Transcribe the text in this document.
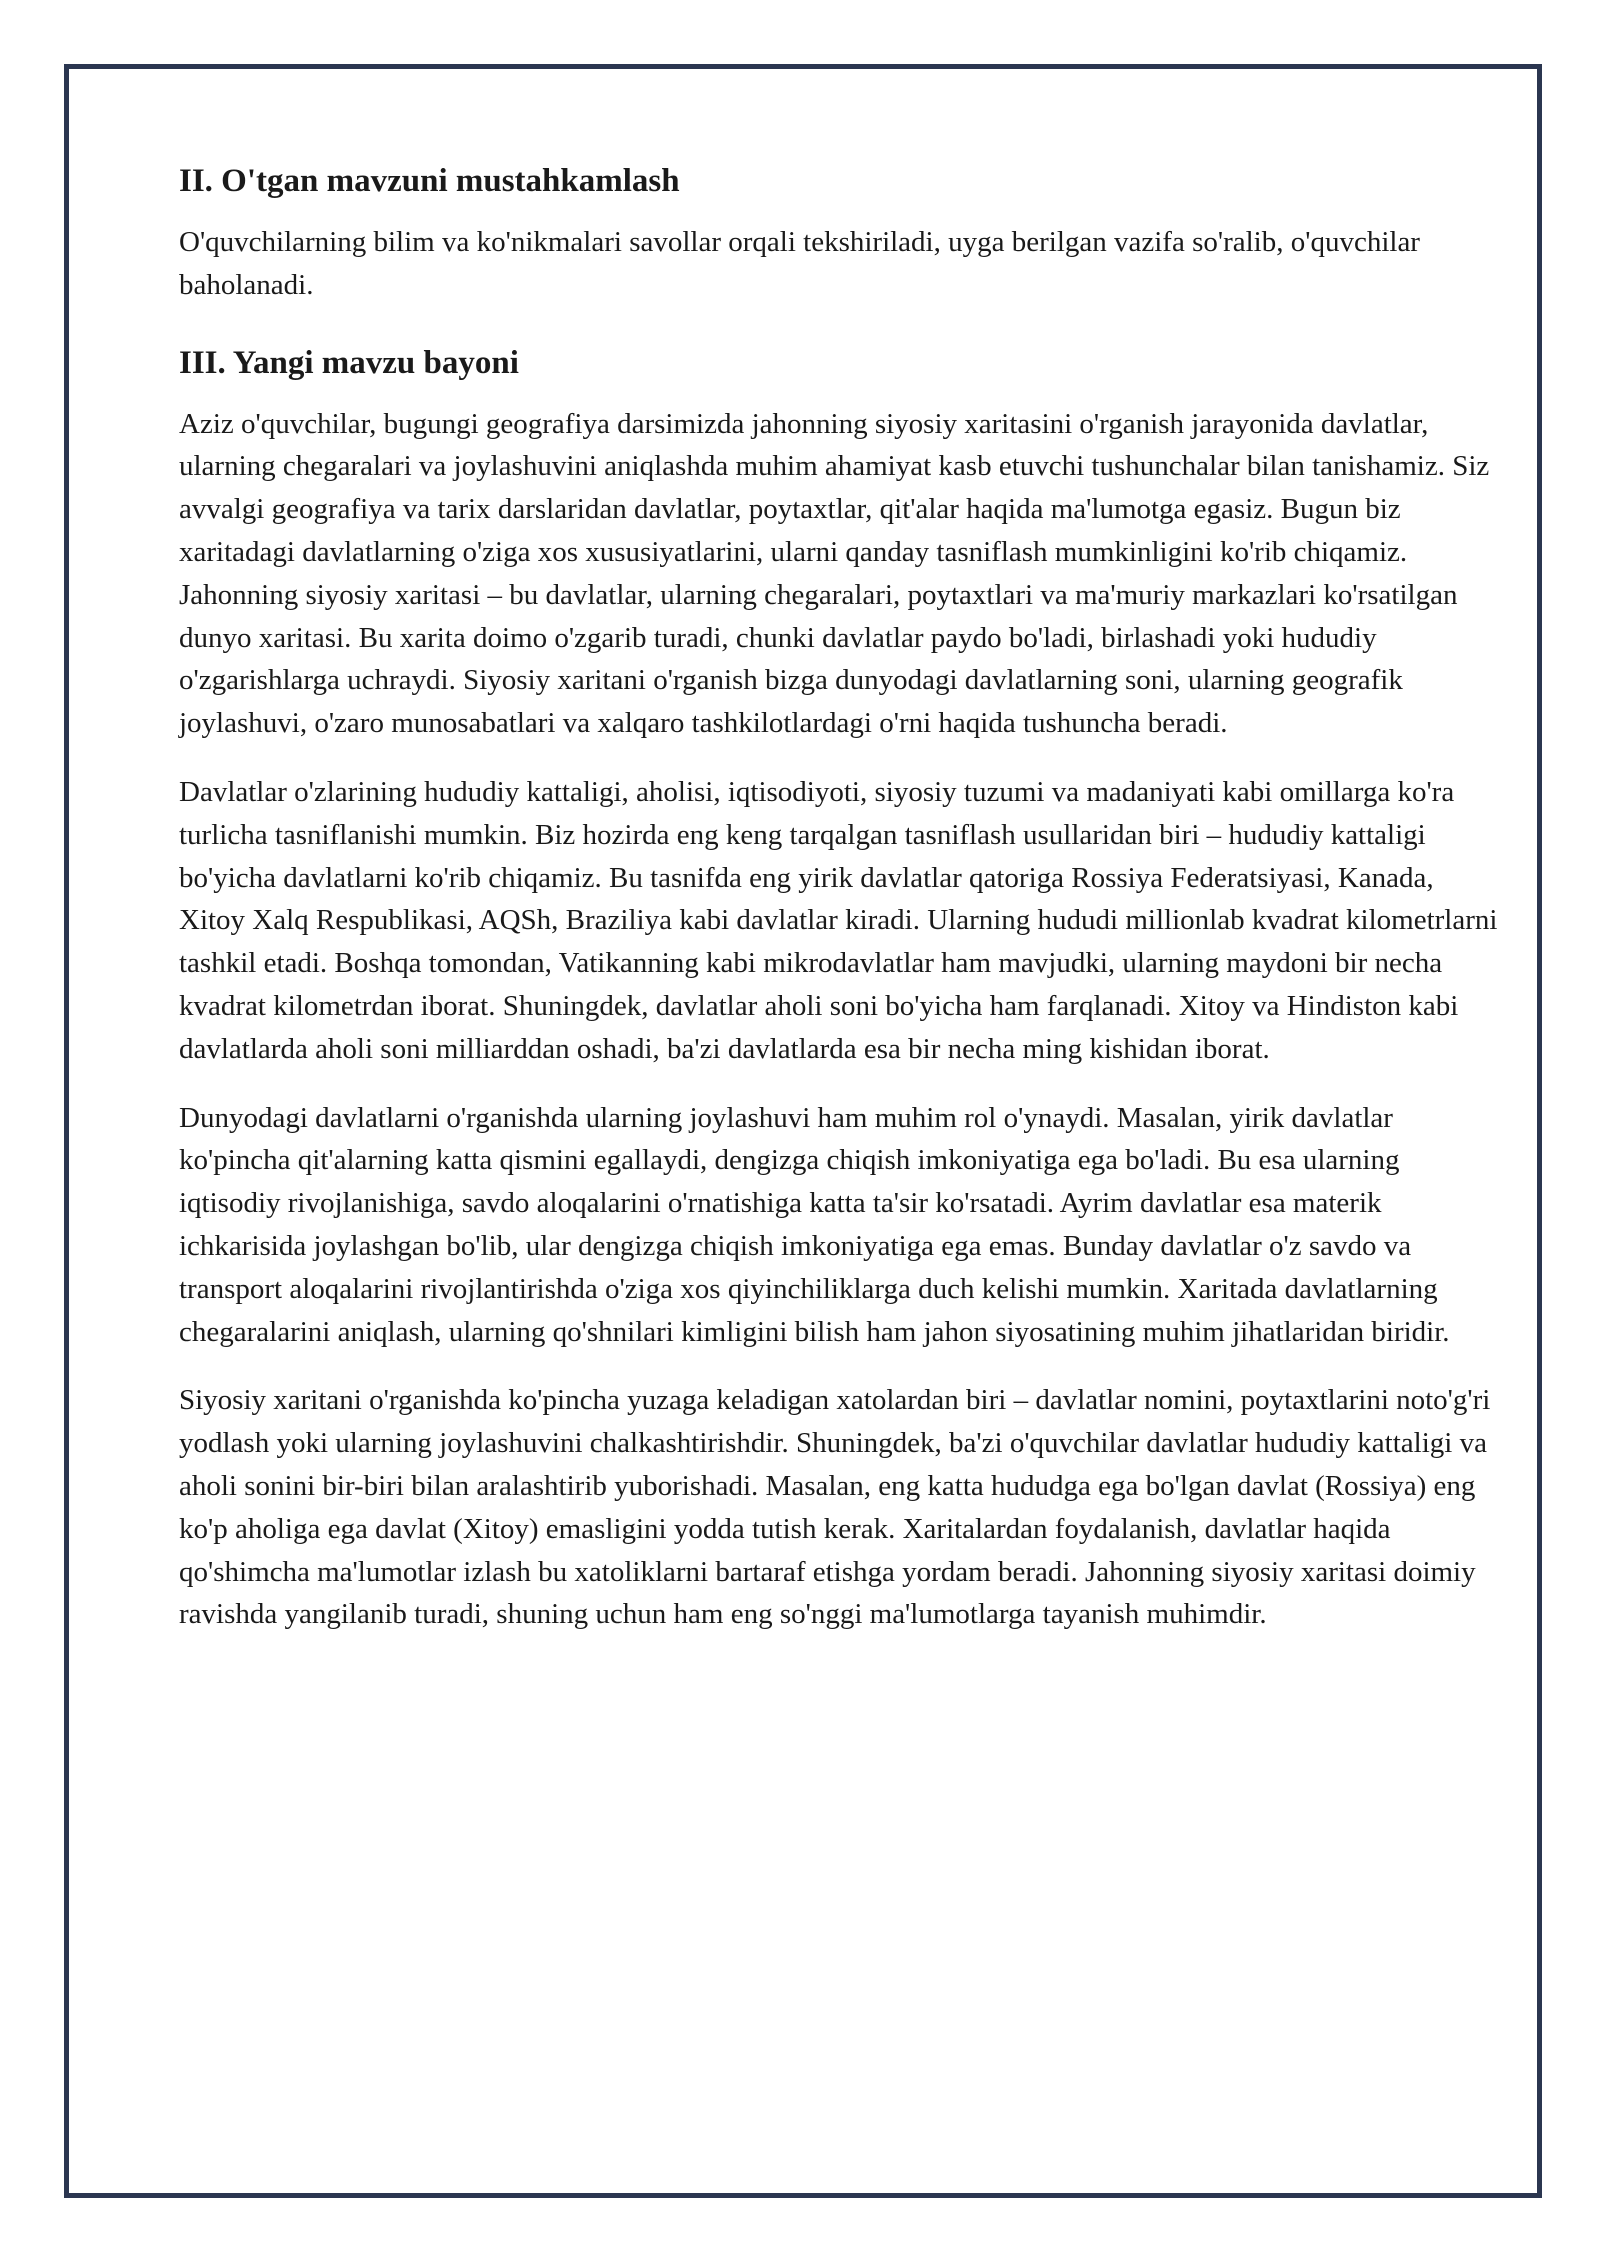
II. O'tgan mavzuni mustahkamlash

O'quvchilarning bilim va ko'nikmalari savollar orqali tekshiriladi, uyga berilgan vazifa so'ralib, o'quvchilar baholanadi.

III. Yangi mavzu bayoni

Aziz o'quvchilar, bugungi geografiya darsimizda jahonning siyosiy xaritasini o'rganish jarayonida davlatlar, ularning chegaralari va joylashuvini aniqlashda muhim ahamiyat kasb etuvchi tushunchalar bilan tanishamiz. Siz avvalgi geografiya va tarix darslaridan davlatlar, poytaxtlar, qit'alar haqida ma'lumotga egasiz. Bugun biz xaritadagi davlatlarning o'ziga xos xususiyatlarini, ularni qanday tasniflash mumkinligini ko'rib chiqamiz. Jahonning siyosiy xaritasi – bu davlatlar, ularning chegaralari, poytaxtlari va ma'muriy markazlari ko'rsatilgan dunyo xaritasi. Bu xarita doimo o'zgarib turadi, chunki davlatlar paydo bo'ladi, birlashadi yoki hududiy o'zgarishlarga uchraydi. Siyosiy xaritani o'rganish bizga dunyodagi davlatlarning soni, ularning geografik joylashuvi, o'zaro munosabatlari va xalqaro tashkilotlardagi o'rni haqida tushuncha beradi.

Davlatlar o'zlarining hududiy kattaligi, aholisi, iqtisodiyoti, siyosiy tuzumi va madaniyati kabi omillarga ko'ra turlicha tasniflanishi mumkin. Biz hozirda eng keng tarqalgan tasniflash usullaridan biri – hududiy kattaligi bo'yicha davlatlarni ko'rib chiqamiz. Bu tasnifda eng yirik davlatlar qatoriga Rossiya Federatsiyasi, Kanada, Xitoy Xalq Respublikasi, AQSh, Braziliya kabi davlatlar kiradi. Ularning hududi millionlab kvadrat kilometrlarni tashkil etadi. Boshqa tomondan, Vatikanning kabi mikrodavlatlar ham mavjudki, ularning maydoni bir necha kvadrat kilometrdan iborat. Shuningdek, davlatlar aholi soni bo'yicha ham farqlanadi. Xitoy va Hindiston kabi davlatlarda aholi soni milliarddan oshadi, ba'zi davlatlarda esa bir necha ming kishidan iborat.

Dunyodagi davlatlarni o'rganishda ularning joylashuvi ham muhim rol o'ynaydi. Masalan, yirik davlatlar ko'pincha qit'alarning katta qismini egallaydi, dengizga chiqish imkoniyatiga ega bo'ladi. Bu esa ularning iqtisodiy rivojlanishiga, savdo aloqalarini o'rnatishiga katta ta'sir ko'rsatadi. Ayrim davlatlar esa materik ichkarisida joylashgan bo'lib, ular dengizga chiqish imkoniyatiga ega emas. Bunday davlatlar o'z savdo va transport aloqalarini rivojlantirishda o'ziga xos qiyinchiliklarga duch kelishi mumkin. Xaritada davlatlarning chegaralarini aniqlash, ularning qo'shnilari kimligini bilish ham jahon siyosatining muhim jihatlaridan biridir.

Siyosiy xaritani o'rganishda ko'pincha yuzaga keladigan xatolardan biri – davlatlar nomini, poytaxtlarini noto'g'ri yodlash yoki ularning joylashuvini chalkashtirishdir. Shuningdek, ba'zi o'quvchilar davlatlar hududiy kattaligi va aholi sonini bir-biri bilan aralashtirib yuborishadi. Masalan, eng katta hududga ega bo'lgan davlat (Rossiya) eng ko'p aholiga ega davlat (Xitoy) emasligini yodda tutish kerak. Xaritalardan foydalanish, davlatlar haqida qo'shimcha ma'lumotlar izlash bu xatoliklarni bartaraf etishga yordam beradi. Jahonning siyosiy xaritasi doimiy ravishda yangilanib turadi, shuning uchun ham eng so'nggi ma'lumotlarga tayanish muhimdir.
